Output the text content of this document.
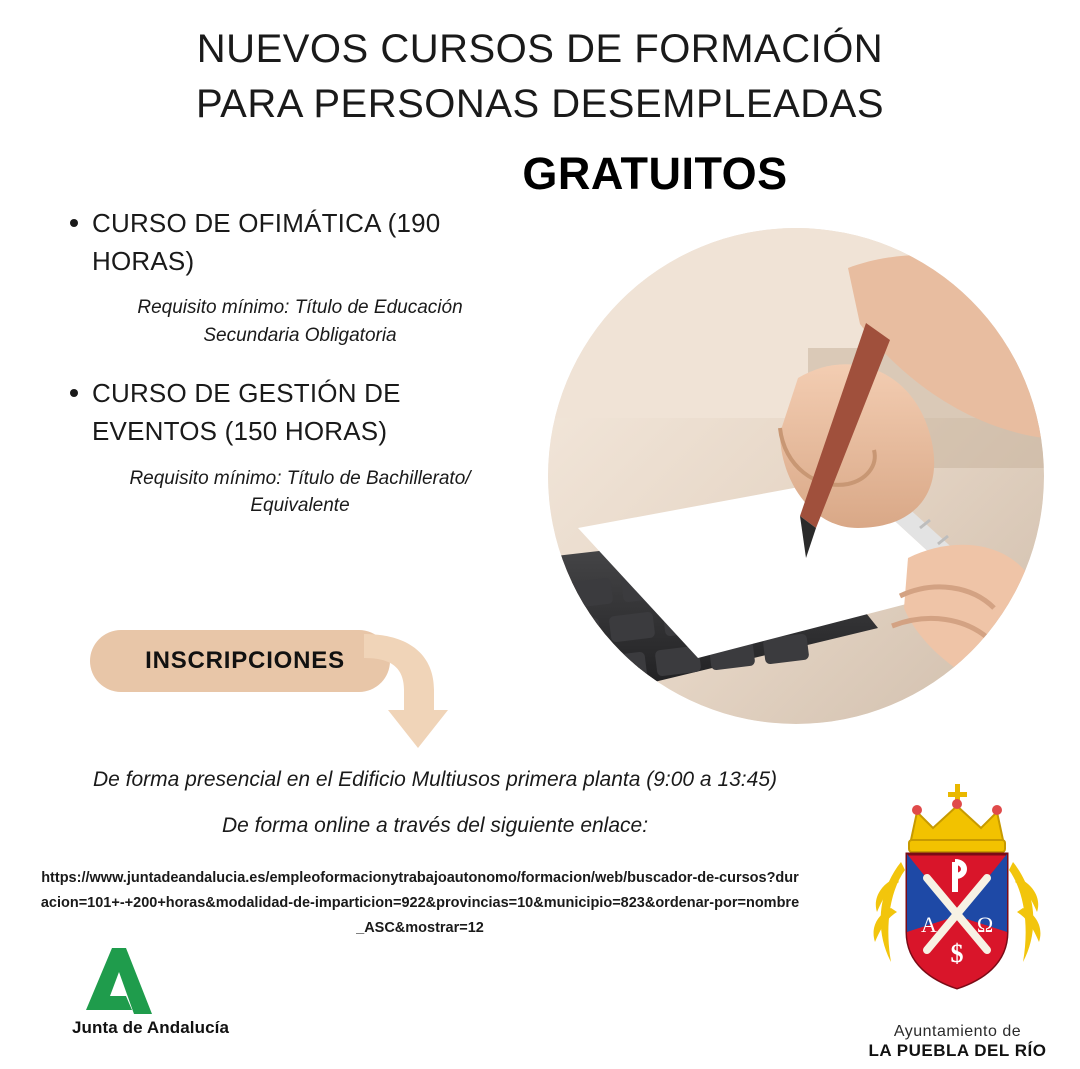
NUEVOS CURSOS DE FORMACIÓN
PARA PERSONAS DESEMPLEADAS
GRATUITOS
CURSO DE OFIMÁTICA (190 HORAS)
Requisito mínimo: Título de Educación Secundaria Obligatoria
CURSO DE GESTIÓN DE EVENTOS (150 HORAS)
Requisito mínimo: Título de Bachillerato/ Equivalente
INSCRIPCIONES
De forma presencial en el Edificio Multiusos primera planta (9:00 a 13:45)
De forma online a través del siguiente enlace:
https://www.juntadeandalucia.es/empleoformacionytrabajoautonomo/formacion/web/buscador-de-cursos?duracion=101+-+200+horas&modalidad-de-imparticion=922&provincias=10&municipio=823&ordenar-por=nombre_ASC&mostrar=12
Junta de Andalucía
A Ω
$
Ayuntamiento de
LA PUEBLA DEL RÍO
